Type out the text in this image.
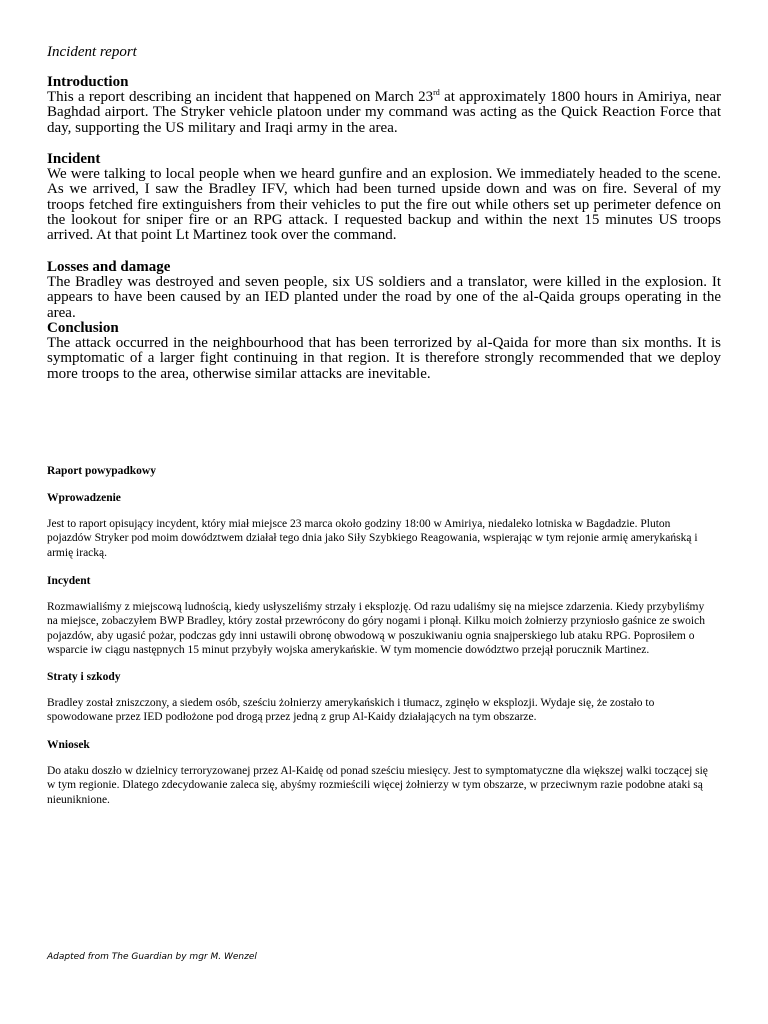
Incident report
Introduction
This a report describing an incident that happened on March 23rd at approximately 1800 hours in Amiriya, near Baghdad airport. The Stryker vehicle platoon under my command was acting as the Quick Reaction Force that day, supporting the US military and Iraqi army in the area.
Incident
We were talking to local people when we heard gunfire and an explosion. We immediately headed to the scene. As we arrived, I saw the Bradley IFV, which had been turned upside down and was on fire. Several of my troops fetched fire extinguishers from their vehicles to put the fire out while others set up perimeter defence on the lookout for sniper fire or an RPG attack. I requested backup and within the next 15 minutes US troops arrived. At that point Lt Martinez took over the command.
Losses and damage
The Bradley was destroyed and seven people, six US soldiers and a translator, were killed in the explosion. It appears to have been caused by an IED planted under the road by one of the al-Qaida groups operating in the area.
Conclusion
The attack occurred in the neighbourhood that has been terrorized by al-Qaida for more than six months. It is symptomatic of a larger fight continuing in that region. It is therefore strongly recommended that we deploy more troops to the area, otherwise similar attacks are inevitable.
Raport powypadkowy
Wprowadzenie
Jest to raport opisujący incydent, który miał miejsce 23 marca około godziny 18:00 w Amiriya, niedaleko lotniska w Bagdadzie. Pluton pojazdów Stryker pod moim dowództwem działał tego dnia jako Siły Szybkiego Reagowania, wspierając w tym rejonie armię amerykańską i armię iracką.
Incydent
Rozmawialiśmy z miejscową ludnością, kiedy usłyszeliśmy strzały i eksplozję. Od razu udaliśmy się na miejsce zdarzenia. Kiedy przybyliśmy na miejsce, zobaczyłem BWP Bradley, który został przewrócony do góry nogami i płonął. Kilku moich żołnierzy przyniosło gaśnice ze swoich pojazdów, aby ugasić pożar, podczas gdy inni ustawili obronę obwodową w poszukiwaniu ognia snajperskiego lub ataku RPG. Poprosiłem o wsparcie iw ciągu następnych 15 minut przybyły wojska amerykańskie. W tym momencie dowództwo przejął porucznik Martinez.
Straty i szkody
Bradley został zniszczony, a siedem osób, sześciu żołnierzy amerykańskich i tłumacz, zginęło w eksplozji. Wydaje się, że zostało to spowodowane przez IED podłożone pod drogą przez jedną z grup Al-Kaidy działających na tym obszarze.
Wniosek
Do ataku doszło w dzielnicy terroryzowanej przez Al-Kaidę od ponad sześciu miesięcy. Jest to symptomatyczne dla większej walki toczącej się w tym regionie. Dlatego zdecydowanie zaleca się, abyśmy rozmieścili więcej żołnierzy w tym obszarze, w przeciwnym razie podobne ataki są nieuniknione.
Adapted from The Guardian by mgr M. Wenzel
